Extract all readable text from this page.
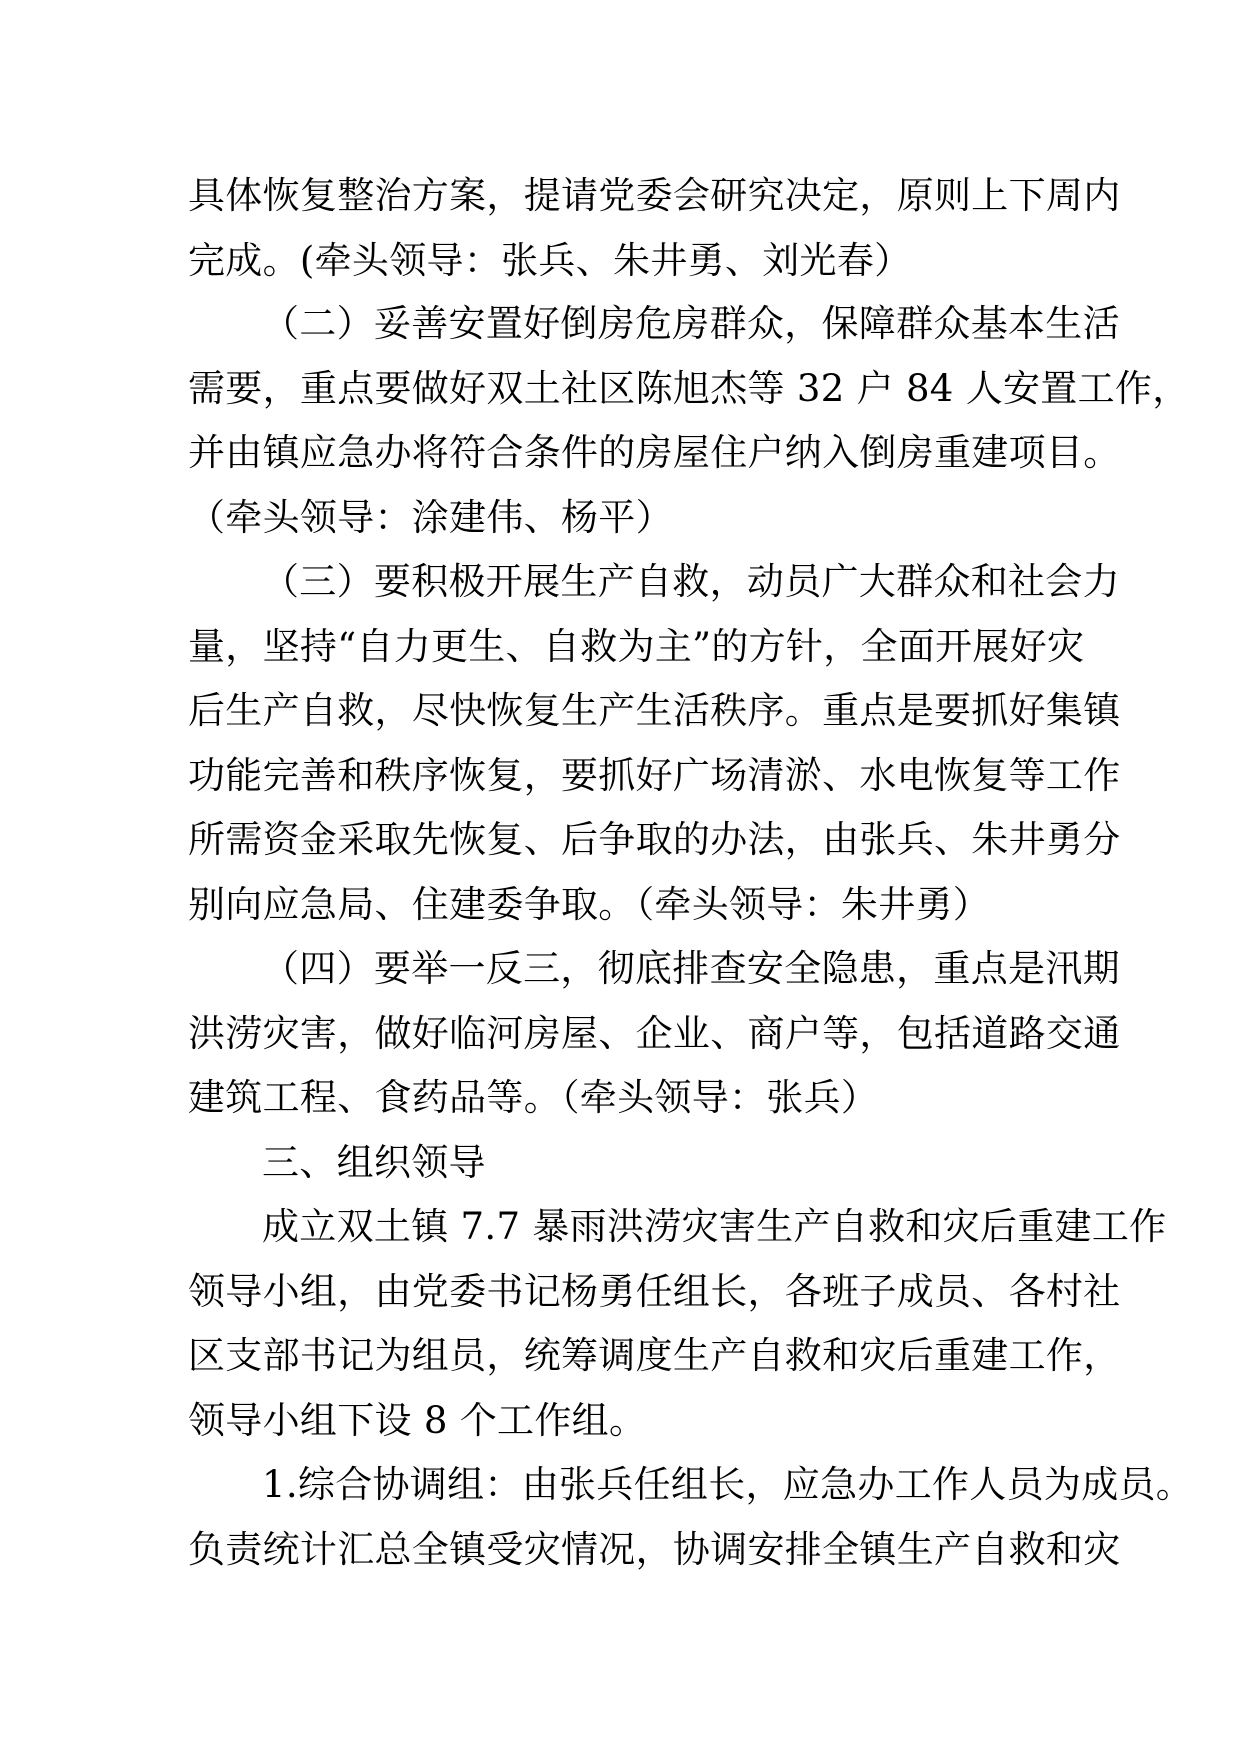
具体恢复整治方案，提请党委会研究决定，原则上下周内
完成。(牵头领导：张兵、朱井勇、刘光春）
（二）妥善安置好倒房危房群众，保障群众基本生活
需要，重点要做好双土社区陈旭杰等 32 户 84 人安置工作，
并由镇应急办将符合条件的房屋住户纳入倒房重建项目。
（牵头领导：涂建伟、杨平）
（三）要积极开展生产自救，动员广大群众和社会力
量，坚持“自力更生、自救为主”的方针，全面开展好灾
后生产自救，尽快恢复生产生活秩序。重点是要抓好集镇
功能完善和秩序恢复，要抓好广场清淤、水电恢复等工作
所需资金采取先恢复、后争取的办法，由张兵、朱井勇分
别向应急局、住建委争取。（牵头领导：朱井勇）
（四）要举一反三，彻底排查安全隐患，重点是汛期
洪涝灾害，做好临河房屋、企业、商户等，包括道路交通
建筑工程、食药品等。（牵头领导：张兵）
三、组织领导
成立双土镇 7.7 暴雨洪涝灾害生产自救和灾后重建工作
领导小组，由党委书记杨勇任组长，各班子成员、各村社
区支部书记为组员，统筹调度生产自救和灾后重建工作，
领导小组下设 8 个工作组。
1.综合协调组：由张兵任组长，应急办工作人员为成员。
负责统计汇总全镇受灾情况，协调安排全镇生产自救和灾
